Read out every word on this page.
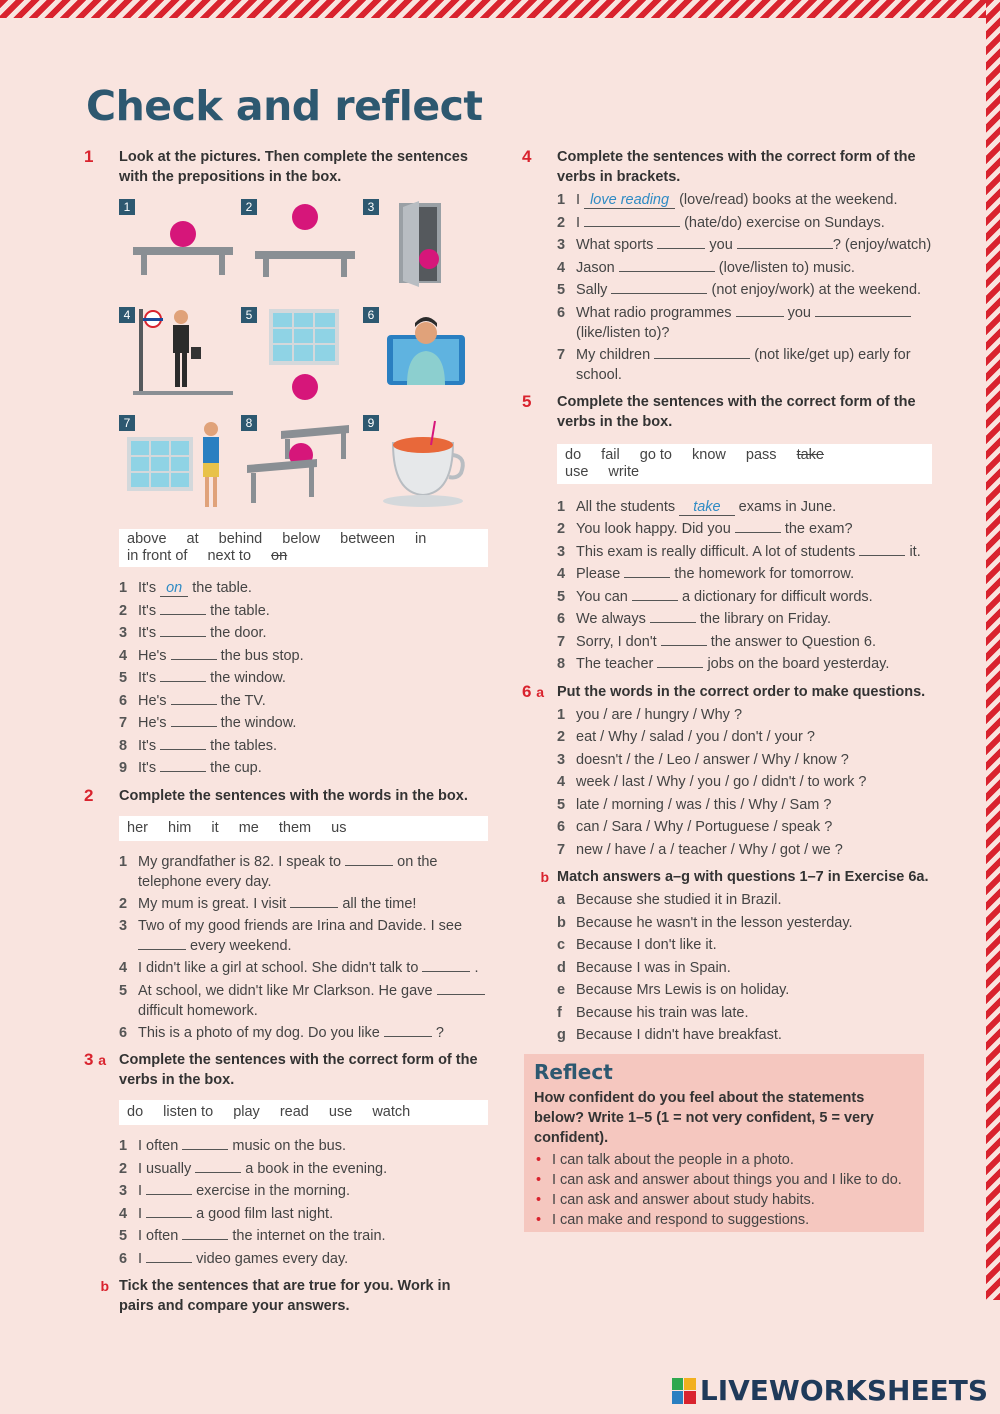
Check and reflect
1	Look at the pictures. Then complete the sentences with the prepositions in the box.
1	2	3
4	5	6
7	8	9
above at behind below between in
in front of next to on
1 It's on the table.
2 It's	the table.
3 It's	the door.
4 He's	the bus stop.
5 It's	the window.
6 He's	the TV.
7 He's	the window.
8 It's	the tables.
9 It's	the cup.
2	Complete the sentences with the words in the box.
her him it me them us
1 My grandfather is 82. I speak to	on the telephone every day.
2 My mum is great. I visit	all the time!
3 Two of my good friends are Irina and Davide. I see  every weekend.
4 I didn't like a girl at school. She didn't talk to	.
5 At school, we didn't like Mr Clarkson. He gave  difficult homework.
6 This is a photo of my dog. Do you like	?
3 a Complete the sentences with the correct form of the verbs in the box.
do listen to play read use watch
1 I often	music on the bus.
2 I usually	a book in the evening.
3 I	exercise in the morning.
4 I	a good film last night.
5 I often	the internet on the train.
6 I	video games every day.
b Tick the sentences that are true for you. Work in pairs and compare your answers.
4	Complete the sentences with the correct form of the verbs in brackets.
1 I love reading (love/read) books at the weekend.
2 I	(hate/do) exercise on Sundays.
3 What sports	you	? (enjoy/watch)
4 Jason	(love/listen to) music.
5 Sally	(not enjoy/work) at the weekend.
6 What radio programmes	you  (like/listen to)?
7 My children	(not like/get up) early for school.
5	Complete the sentences with the correct form of the verbs in the box.
do fail go to know pass take
use write
1 All the students take exams in June.
2 You look happy. Did you	the exam?
3 This exam is really difficult. A lot of students	it.
4 Please	the homework for tomorrow.
5 You can	a dictionary for difficult words.
6 We always	the library on Friday.
7 Sorry, I don't	the answer to Question 6.
8 The teacher	jobs on the board yesterday.
6 a Put the words in the correct order to make questions.
1 you / are / hungry / Why ?
2 eat / Why / salad / you / don't / your ?
3 doesn't / the / Leo / answer / Why / know ?
4 week / last / Why / you / go / didn't / to work ?
5 late / morning / was / this / Why / Sam ?
6 can / Sara / Why / Portuguese / speak ?
7 new / have / a / teacher / Why / got / we ?
b Match answers a–g with questions 1–7 in Exercise 6a.
a Because she studied it in Brazil.
b Because he wasn't in the lesson yesterday.
c Because I don't like it.
d Because I was in Spain.
e Because Mrs Lewis is on holiday.
f Because his train was late.
g Because I didn't have breakfast.
Reflect

How confident do you feel about the statements below? Write 1–5 (1 = not very confident, 5 = very confident).

• I can talk about the people in a photo.
• I can ask and answer about things you and I like to do.
• I can ask and answer about study habits.
• I can make and respond to suggestions.
LIVEWORKSHEETS
